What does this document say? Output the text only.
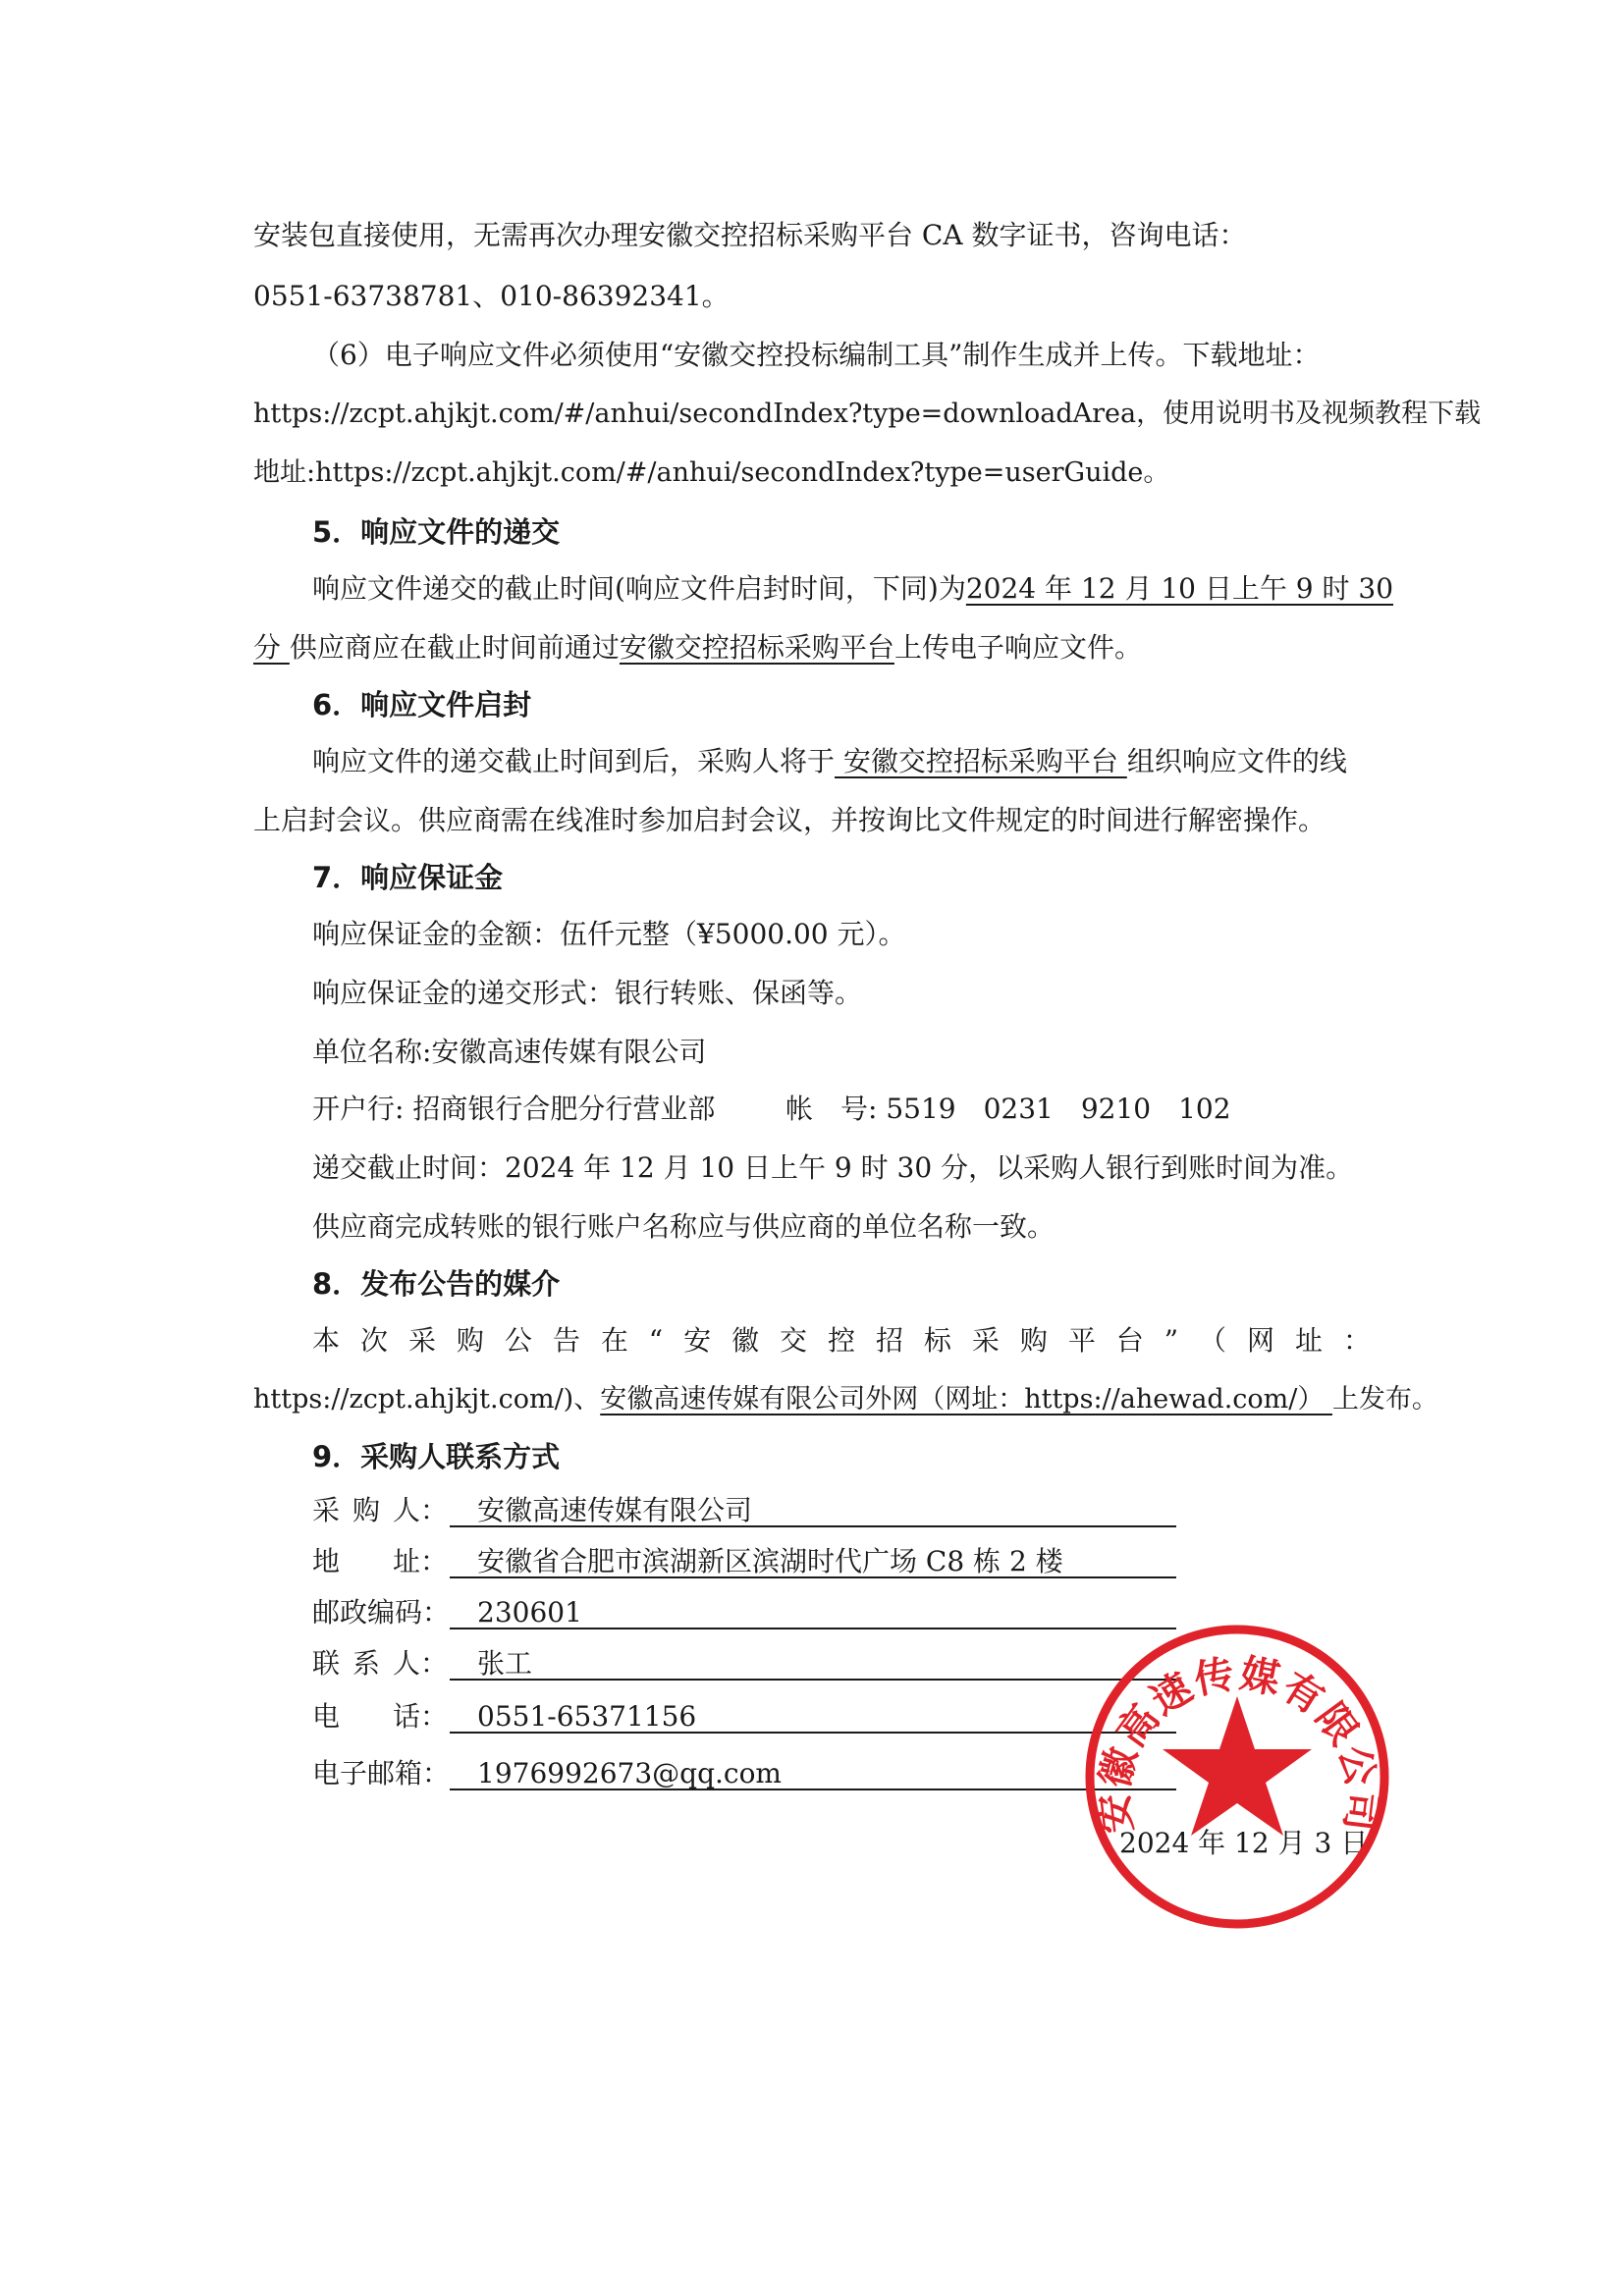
安装包直接使用，无需再次办理安徽交控招标采购平台 CA 数字证书，咨询电话：
0551-63738781、010-86392341。
（6）电子响应文件必须使用“安徽交控投标编制工具”制作生成并上传。下载地址：
https://zcpt.ahjkjt.com/#/anhui/secondIndex?type=downloadArea，使用说明书及视频教程下载
地址:https://zcpt.ahjkjt.com/#/anhui/secondIndex?type=userGuide。
5．响应文件的递交
响应文件递交的截止时间(响应文件启封时间，下同)为2024 年 12 月 10 日上午 9 时 30
分 供应商应在截止时间前通过安徽交控招标采购平台上传电子响应文件。
6．响应文件启封
响应文件的递交截止时间到后，采购人将于 安徽交控招标采购平台 组织响应文件的线
上启封会议。供应商需在线准时参加启封会议，并按询比文件规定的时间进行解密操作。
7．响应保证金
响应保证金的金额：伍仟元整（¥5000.00 元）。
响应保证金的递交形式：银行转账、保函等。
单位名称:安徽高速传媒有限公司
开户行: 招商银行合肥分行营业部	帐　号: 5519　0231　9210　102
递交截止时间：2024 年 12 月 10 日上午 9 时 30 分，以采购人银行到账时间为准。
供应商完成转账的银行账户名称应与供应商的单位名称一致。
8．发布公告的媒介
本 次 采 购 公 告 在 “ 安 徽 交 控 招 标 采 购 平 台 ” （ 网 址 ：
https://zcpt.ahjkjt.com/)、安徽高速传媒有限公司外网（网址：https://ahewad.com/） 上发布。
9．采购人联系方式
采 购 人：	安徽高速传媒有限公司
地 址：	安徽省合肥市滨湖新区滨湖时代广场 C8 栋 2 楼
邮政编码： 230601
联 系 人：	张工
电 话：	0551-65371156
电子邮箱： 1976992673@qq.com
2024 年 12 月 3 日
安徽高速传媒有限公司
